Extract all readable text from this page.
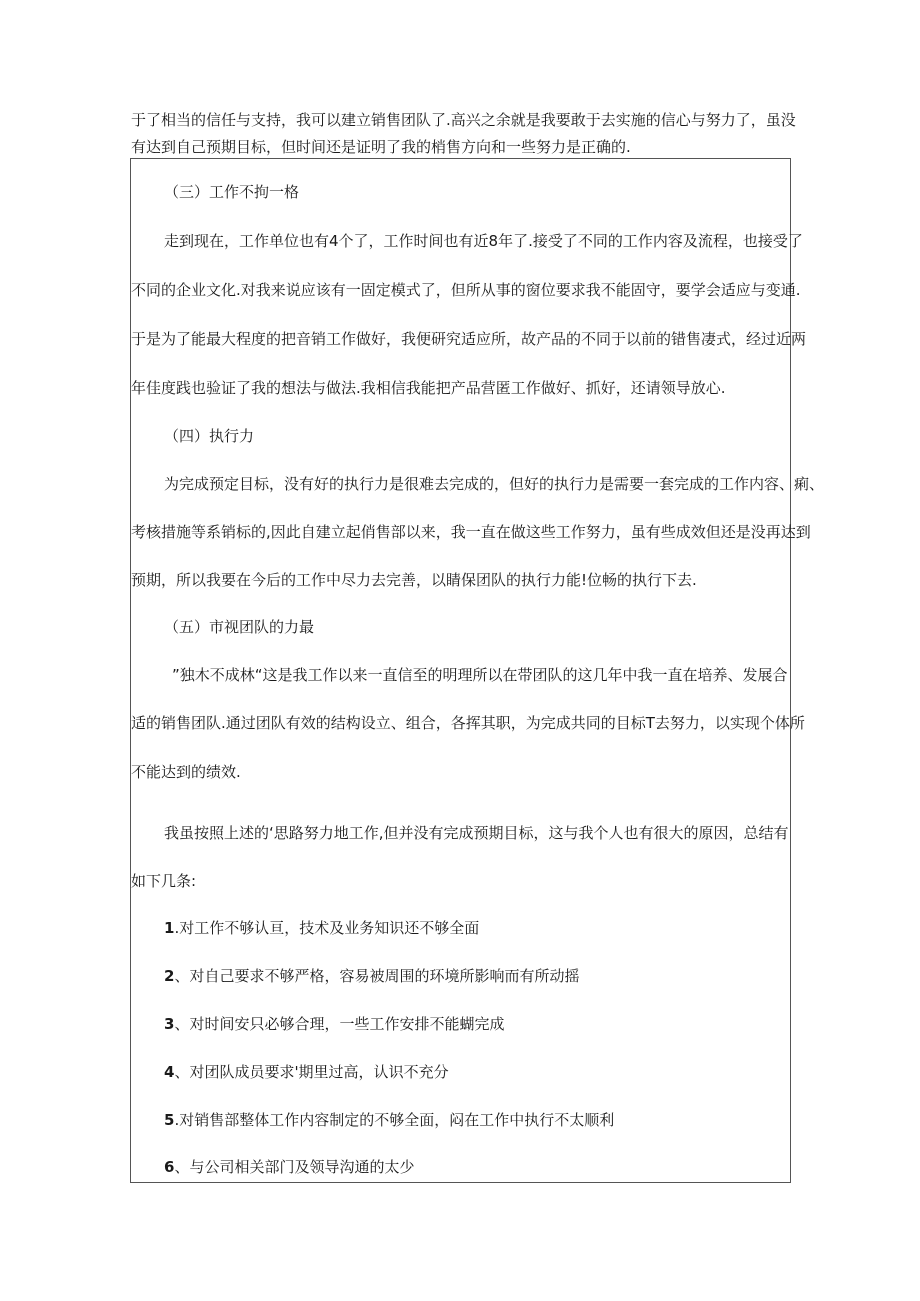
于了相当的信任与支持，我可以建立销售团队了.高兴之余就是我要敢于去实施的信心与努力了，虽没

有达到自己预期目标，但时间还是证明了我的梢售方向和一些努力是正确的.

（三）工作不拘一格

走到现在，工作单位也有4个了，工作时间也有近8年了.接受了不同的工作内容及流程，也接受了

不同的企业文化.对我来说应该有一固定模式了，但所从事的窗位要求我不能固守，要学会适应与变通.

于是为了能最大程度的把音销工作做好，我便研究适应所，故产品的不同于以前的错售凄式，经过近两

年佳度践也验证了我的想法与做法.我相信我能把产品营匿工作做好、抓好，还请领导放心.

（四）执行力

为完成预定目标，没有好的执行力是很难去完成的，但好的执行力是需要一套完成的工作内容、痢、

考核措施等系销标的,因此自建立起俏售部以来，我一直在做这些工作努力，虽有些成效但还是没再达到

预期，所以我要在今后的工作中尽力去完善，以睛保团队的执行力能!位畅的执行下去.

（五）市视团队的力最

”独木不成林“这是我工作以来一直信至的明理所以在带团队的这几年中我一直在培养、发展合

适的销售团队.通过团队有效的结构设立、组合，各挥其职，为完成共同的目标T去努力，以实现个体所

不能达到的绩效.

我虽按照上述的‘思路努力地工作,但并没有完成预期目标，这与我个人也有很大的原因，总结有

如下几条:

1.对工作不够认亘，技术及业务知识还不够全面

2、对自己要求不够严格，容易被周围的环境所影响而有所动摇

3、对时间安只必够合理，一些工作安排不能蝴完成

4、对团队成员要求'期里过高，认识不充分

5.对销售部整体工作内容制定的不够全面，闷在工作中执行不太顺利

6、与公司相关部门及领导沟通的太少
